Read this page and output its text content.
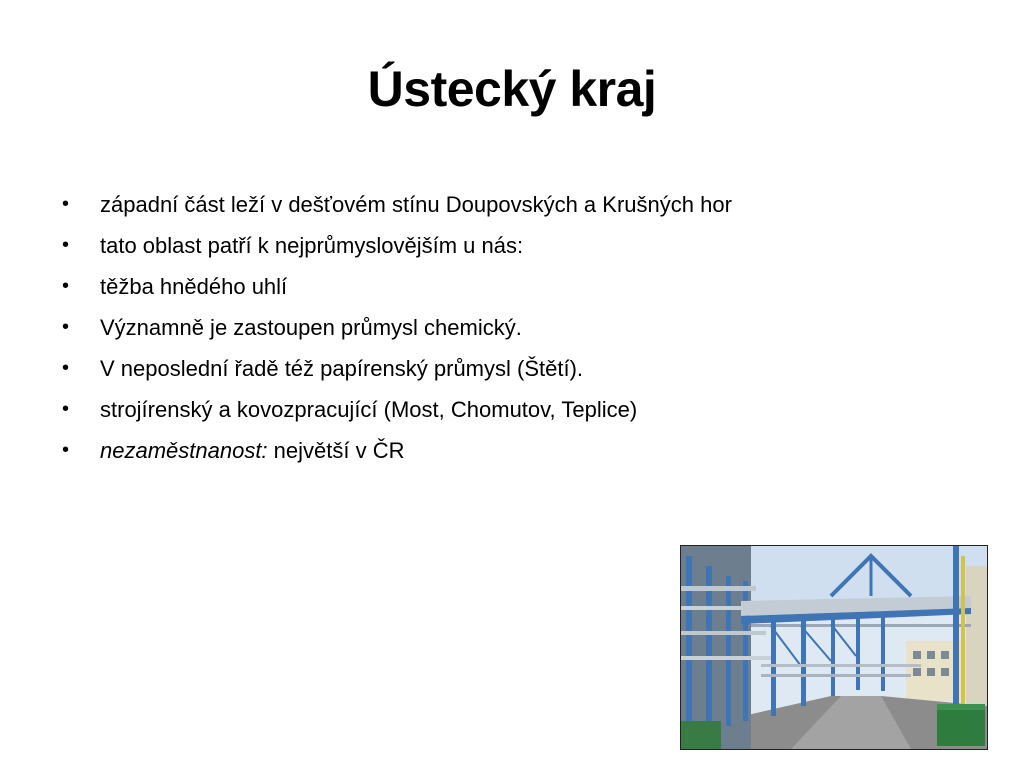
Ústecký kraj
• západní část leží v dešťovém stínu Doupovských a Krušných hor
• tato oblast patří k nejprůmyslovějším u nás:
• těžba hnědého uhlí
• Významně je zastoupen průmysl chemický.
• V neposlední řadě též papírenský průmysl (Štětí).
• strojírenský a kovozpracující (Most, Chomutov, Teplice)
• nezaměstnanost: největší v ČR
